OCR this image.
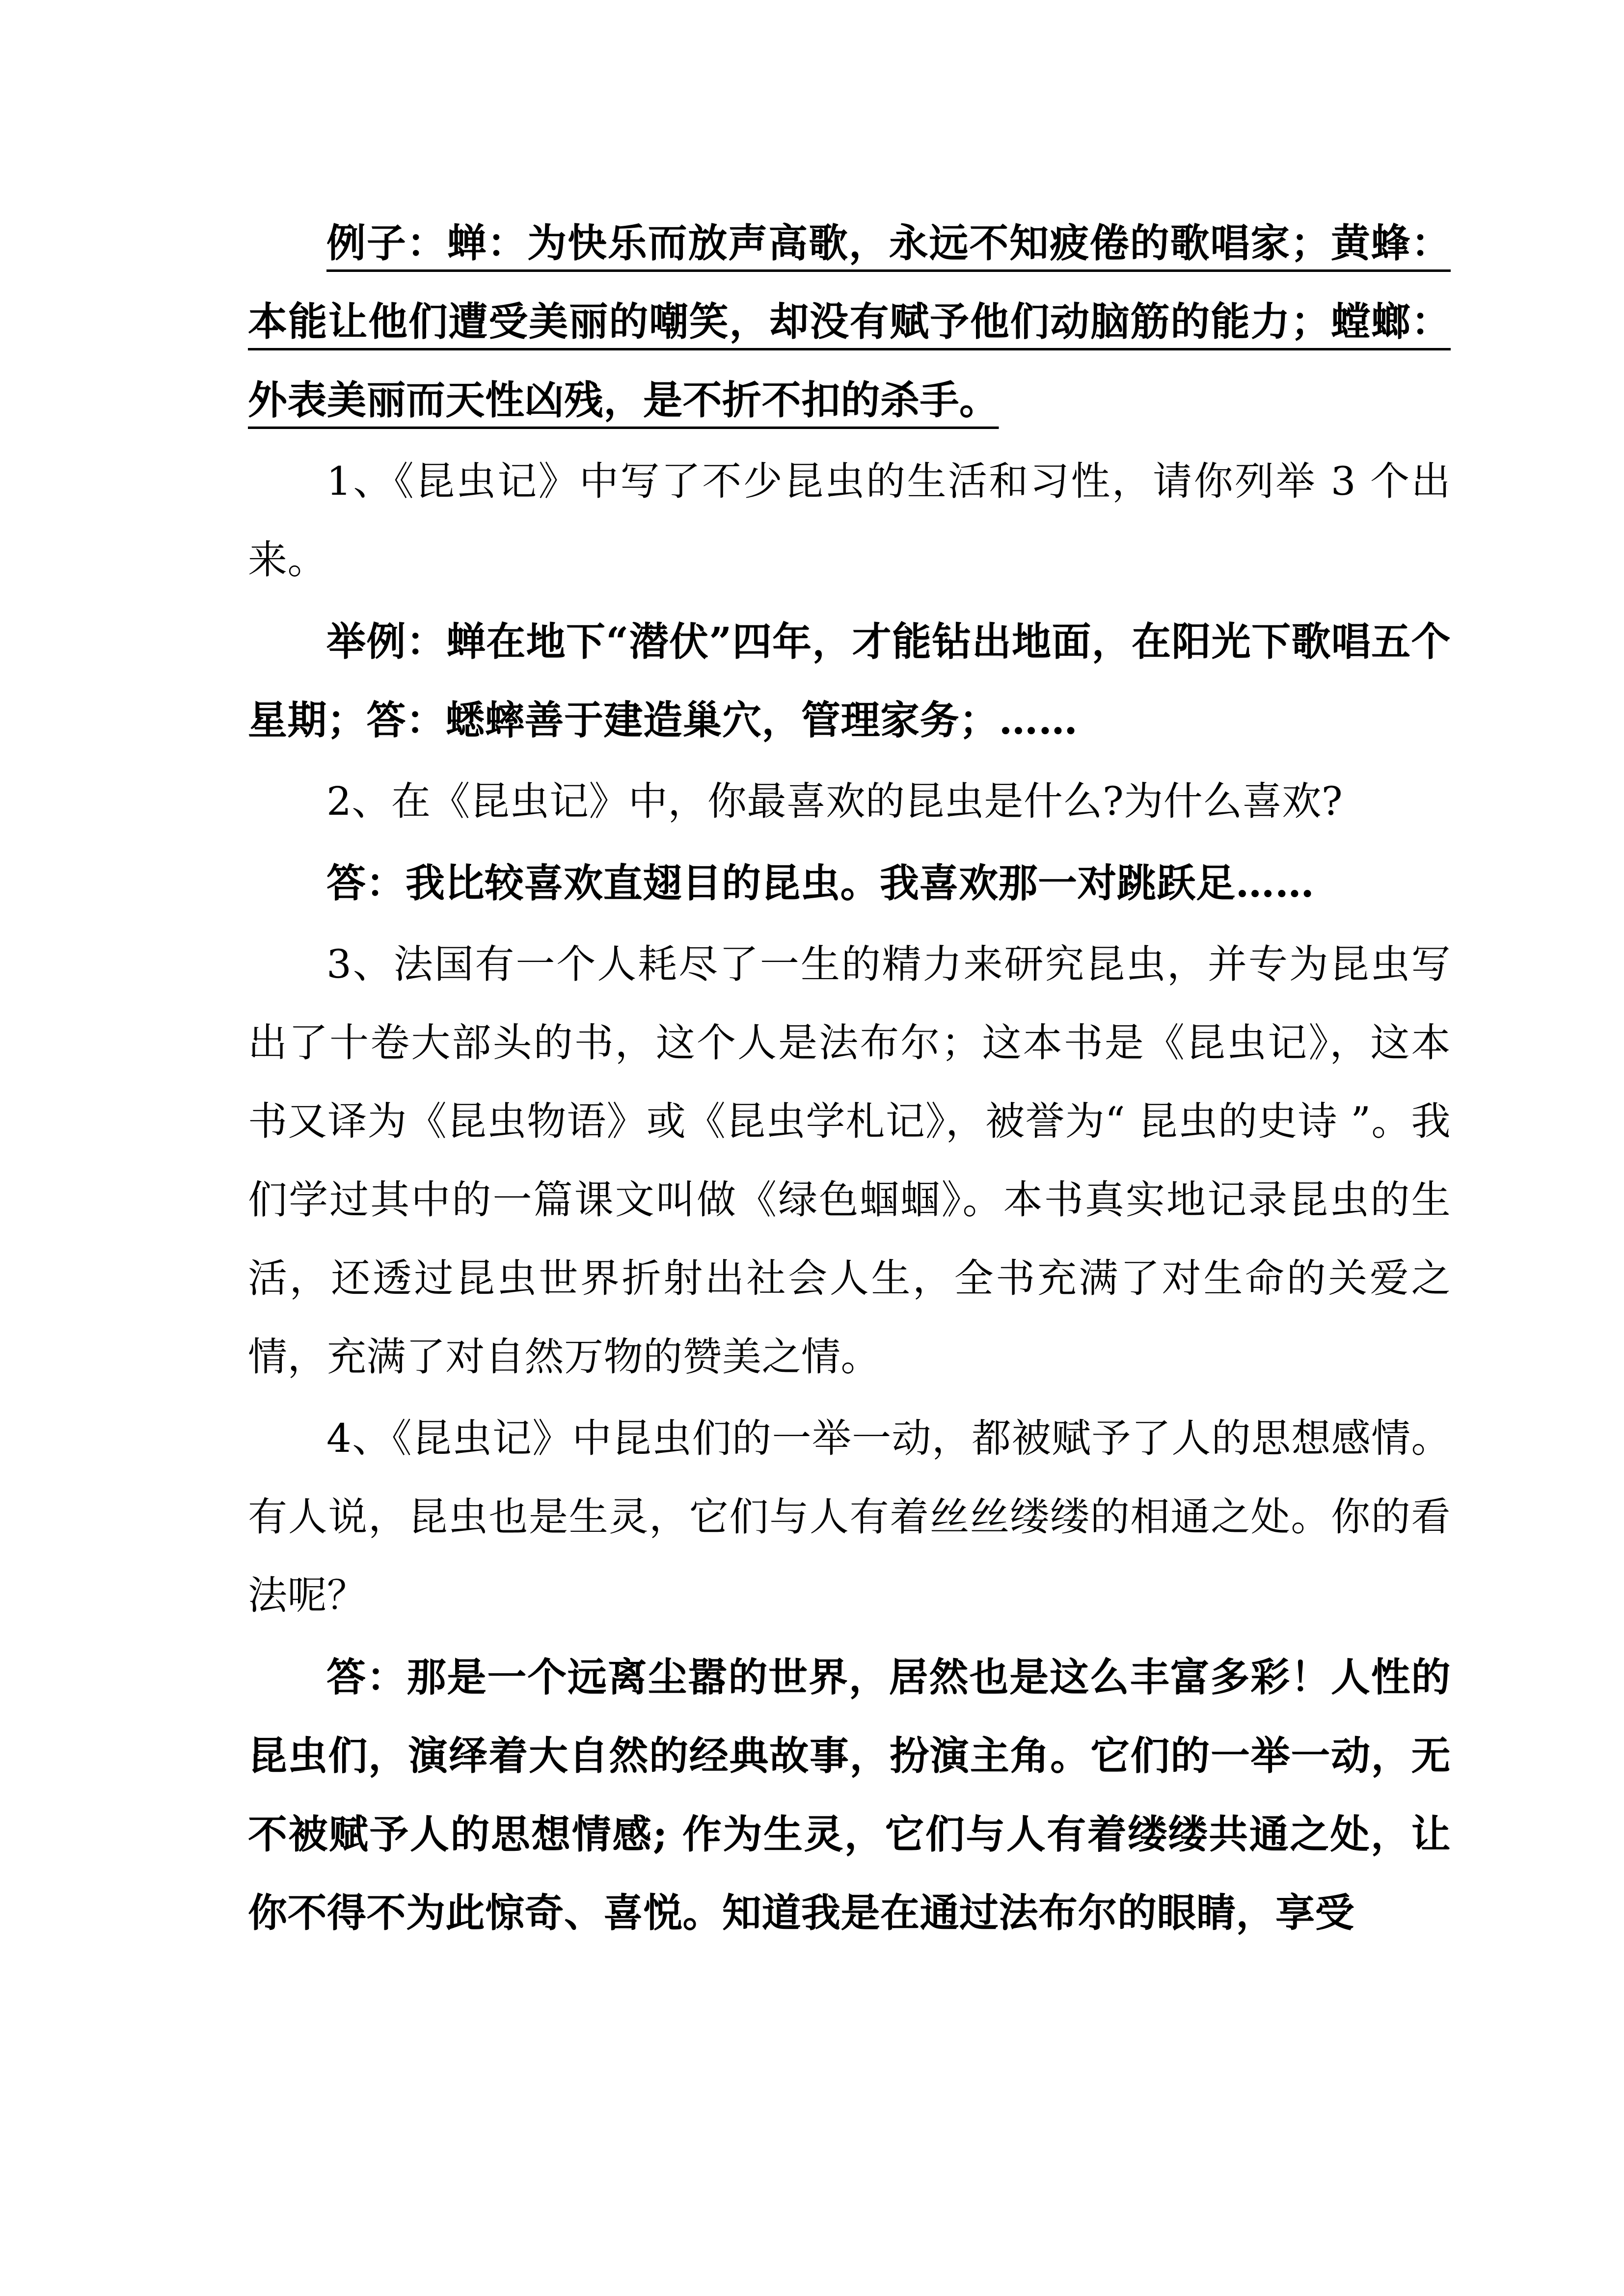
例子：蝉：为快乐而放声高歌，永远不知疲倦的歌唱家；黄蜂：本能让他们遭受美丽的嘲笑，却没有赋予他们动脑筋的能力；螳螂：外表美丽而天性凶残，是不折不扣的杀手。

1、《昆虫记》中写了不少昆虫的生活和习性，请你列举 3 个出来。

举例：蝉在地下“潜伏”四年，才能钻出地面，在阳光下歌唱五个星期；答：蟋蟀善于建造巢穴，管理家务；……

2、在《昆虫记》中，你最喜欢的昆虫是什么?为什么喜欢?

答：我比较喜欢直翅目的昆虫。我喜欢那一对跳跃足……

3、法国有一个人耗尽了一生的精力来研究昆虫，并专为昆虫写出了十卷大部头的书，这个人是法布尔；这本书是《昆虫记》，这本书又译为《昆虫物语》或《昆虫学札记》，被誉为“ 昆虫的史诗 ”。我们学过其中的一篇课文叫做《绿色蝈蝈》。本书真实地记录昆虫的生活，还透过昆虫世界折射出社会人生，全书充满了对生命的关爱之情，充满了对自然万物的赞美之情。

4、《昆虫记》中昆虫们的一举一动，都被赋予了人的思想感情。有人说，昆虫也是生灵，它们与人有着丝丝缕缕的相通之处。你的看法呢？

答：那是一个远离尘嚣的世界，居然也是这么丰富多彩！人性的昆虫们，演绎着大自然的经典故事，扮演主角。它们的一举一动，无不被赋予人的思想情感; 作为生灵，它们与人有着缕缕共通之处，让你不得不为此惊奇、喜悦。知道我是在通过法布尔的眼睛，享受
